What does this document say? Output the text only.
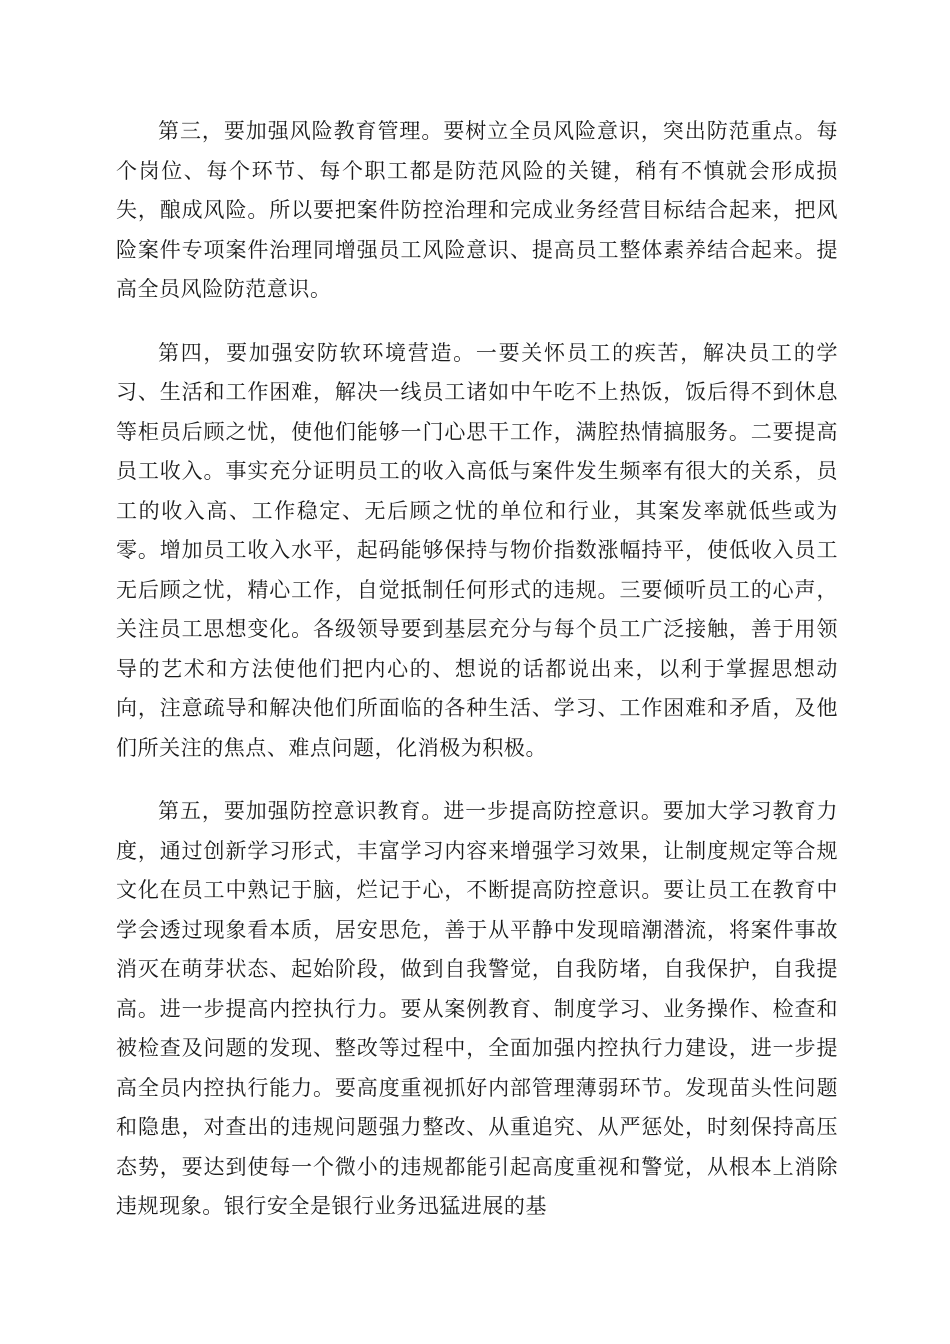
第三，要加强风险教育管理。要树立全员风险意识，突出防范重点。每个岗位、每个环节、每个职工都是防范风险的关键，稍有不慎就会形成损失，酿成风险。所以要把案件防控治理和完成业务经营目标结合起来，把风险案件专项案件治理同增强员工风险意识、提高员工整体素养结合起来。提高全员风险防范意识。

第四，要加强安防软环境营造。一要关怀员工的疾苦，解决员工的学习、生活和工作困难，解决一线员工诸如中午吃不上热饭，饭后得不到休息等柜员后顾之忧，使他们能够一门心思干工作，满腔热情搞服务。二要提高员工收入。事实充分证明员工的收入高低与案件发生频率有很大的关系，员工的收入高、工作稳定、无后顾之忧的单位和行业，其案发率就低些或为零。增加员工收入水平，起码能够保持与物价指数涨幅持平，使低收入员工无后顾之忧，精心工作，自觉抵制任何形式的违规。三要倾听员工的心声，关注员工思想变化。各级领导要到基层充分与每个员工广泛接触，善于用领导的艺术和方法使他们把内心的、想说的话都说出来，以利于掌握思想动向，注意疏导和解决他们所面临的各种生活、学习、工作困难和矛盾，及他们所关注的焦点、难点问题，化消极为积极。

第五，要加强防控意识教育。进一步提高防控意识。要加大学习教育力度，通过创新学习形式，丰富学习内容来增强学习效果，让制度规定等合规文化在员工中熟记于脑，烂记于心，不断提高防控意识。要让员工在教育中学会透过现象看本质，居安思危，善于从平静中发现暗潮潜流，将案件事故消灭在萌芽状态、起始阶段，做到自我警觉，自我防堵，自我保护，自我提高。进一步提高内控执行力。要从案例教育、制度学习、业务操作、检查和被检查及问题的发现、整改等过程中，全面加强内控执行力建设，进一步提高全员内控执行能力。要高度重视抓好内部管理薄弱环节。发现苗头性问题和隐患，对查出的违规问题强力整改、从重追究、从严惩处，时刻保持高压态势，要达到使每一个微小的违规都能引起高度重视和警觉，从根本上消除违规现象。银行安全是银行业务迅猛进展的基
